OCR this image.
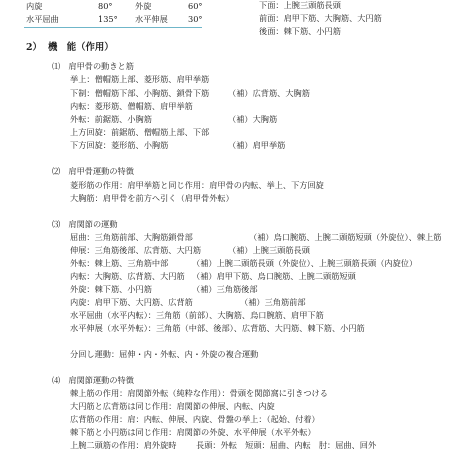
内旋	80°	外旋	60°
水平屈曲	135° 水平伸展 30°
下面：上腕三頭筋長頭
前面：肩甲下筋、大胸筋、大円筋
後面：棘下筋、小円筋
2） 機　能（作用）
⑴　肩甲骨の動きと筋
挙上：僧帽筋上部、菱形筋、肩甲挙筋
下制：僧帽筋下部、小胸筋、鎖骨下筋 （補）広背筋、大胸筋
内転：菱形筋、僧帽筋、肩甲挙筋
外転：前鋸筋、小胸筋	（補）大胸筋
上方回旋：前鋸筋、僧帽筋上部、下部
下方回旋：菱形筋、小胸筋	（補）肩甲挙筋
⑵　肩甲骨運動の特徴
菱形筋の作用：肩甲挙筋と同じ作用：肩甲骨の内転、挙上、下方回旋
大胸筋：肩甲骨を前方へ引く（肩甲骨外転）
⑶　肩関節の運動
屈曲：三角筋前部、大胸筋鎖骨部	（補）烏口腕筋、上腕二頭筋短頭（外旋位）、棘上筋
伸展：三角筋後部、広背筋、大円筋	（補）上腕三頭筋長頭
外転：棘上筋、三角筋中部	（補）上腕二頭筋長頭（外旋位）、上腕三頭筋長頭（内旋位）
内転：大胸筋、広背筋、大円筋 （補）肩甲下筋、烏口腕筋、上腕二頭筋短頭
外旋：棘下筋、小円筋	（補）三角筋後部
内旋：肩甲下筋、大円筋、広背筋	（補）三角筋前部
水平屈曲（水平内転）：三角筋（前部）、大胸筋、烏口腕筋、肩甲下筋
水平伸展（水平外転）：三角筋（中部、後部）、広背筋、大円筋、棘下筋、小円筋
分回し運動：屈伸・内・外転、内・外旋の複合運動
⑷　肩関節運動の特徴
棘上筋の作用：肩関節外転（純粋な作用）：骨頭を関節窩に引きつける
大円筋と広背筋は同じ作用：肩関節の伸展、内転、内旋
広背筋の作用：肩：内転、伸展、内旋、骨盤の挙上：（起始、付着）
棘下筋と小円筋は同じ作用：肩関節の外旋、水平伸展（水平外転）
上腕二頭筋の作用：肩外旋時 長頭：外転　短頭：屈曲、内転　肘：屈曲、回外
